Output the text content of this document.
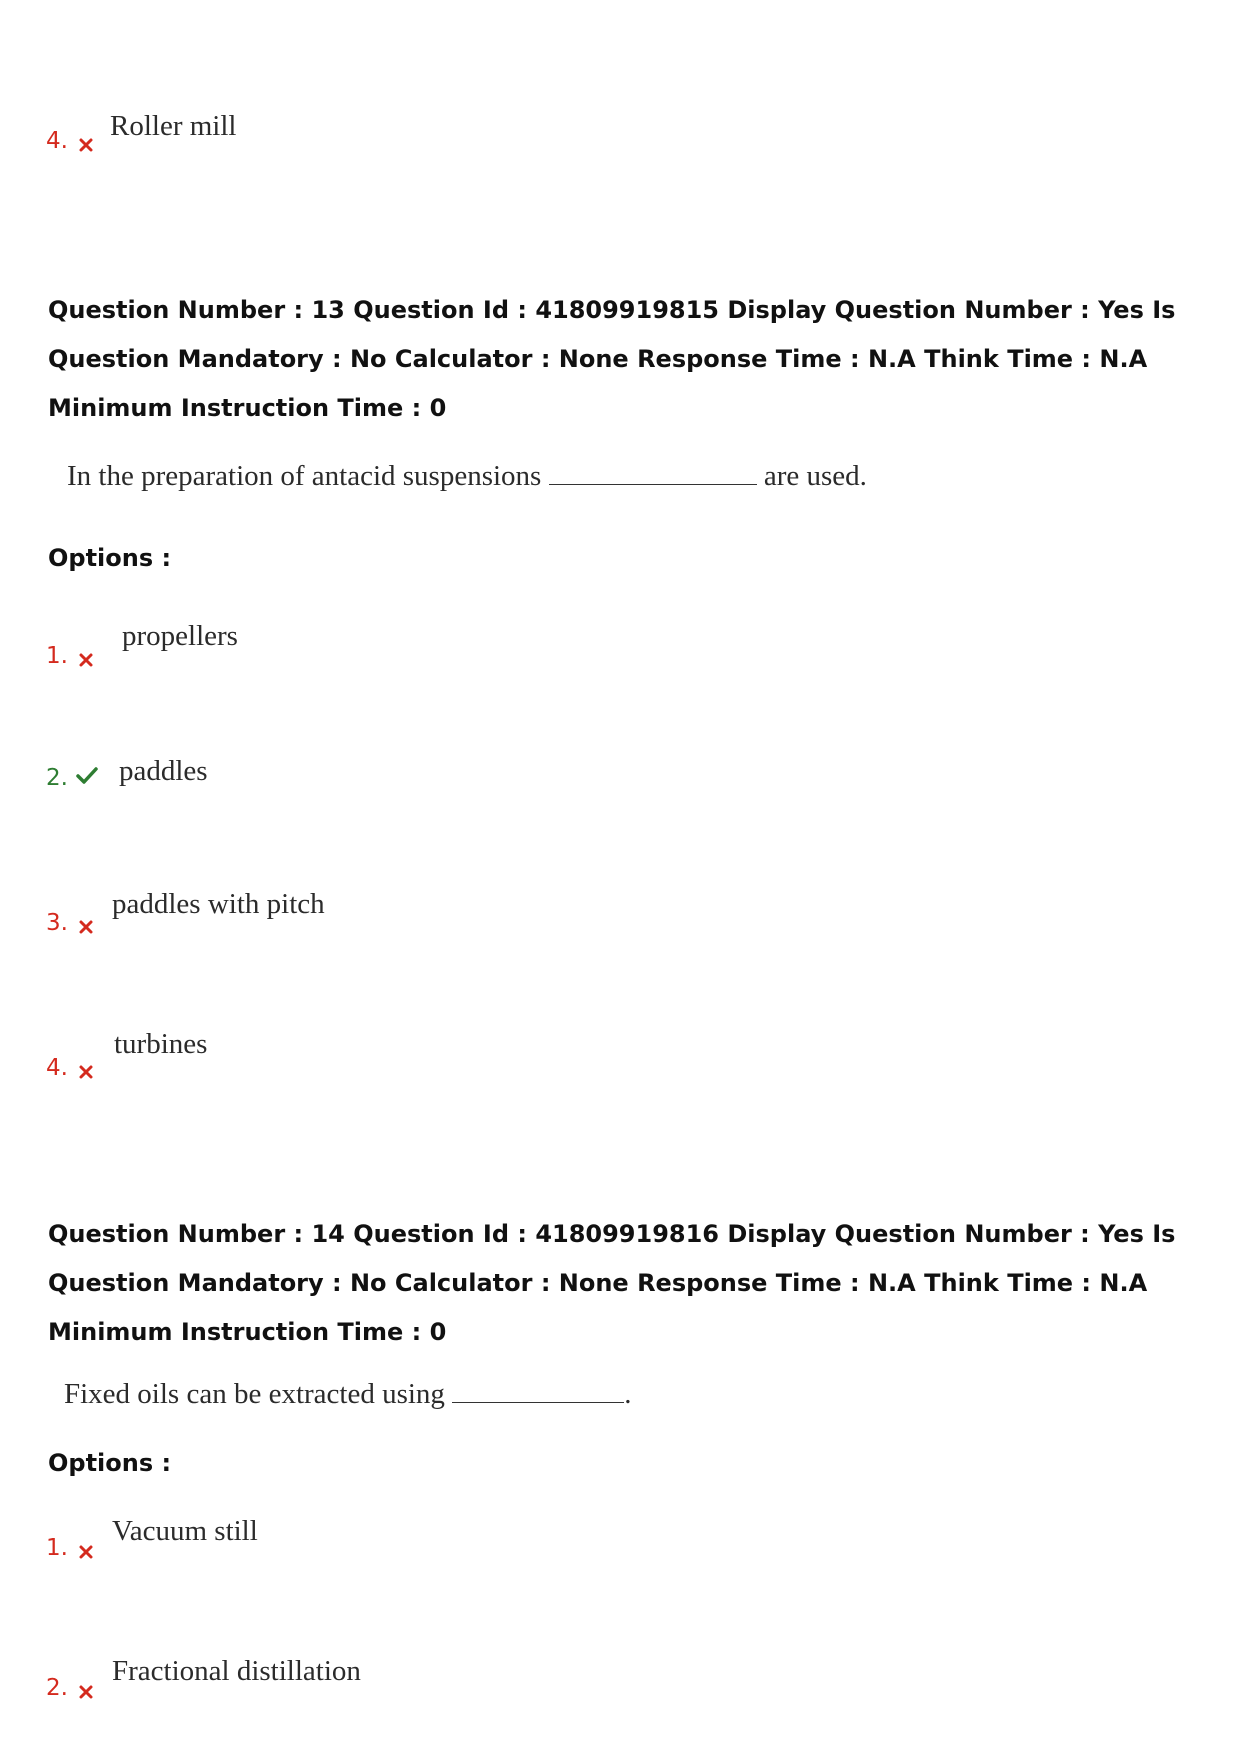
4. Roller mill
Question Number : 13 Question Id : 41809919815 Display Question Number : Yes Is Question Mandatory : No Calculator : None Response Time : N.A Think Time : N.A Minimum Instruction Time : 0
In the preparation of antacid suspensions	are used.
Options :
1.
propellers
2. paddles
3.
paddles with pitch
4.
turbines
Question Number : 14 Question Id : 41809919816 Display Question Number : Yes Is Question Mandatory : No Calculator : None Response Time : N.A Think Time : N.A Minimum Instruction Time : 0
Fixed oils can be extracted using	.
Options :
1.
Vacuum still
2.
Fractional distillation
